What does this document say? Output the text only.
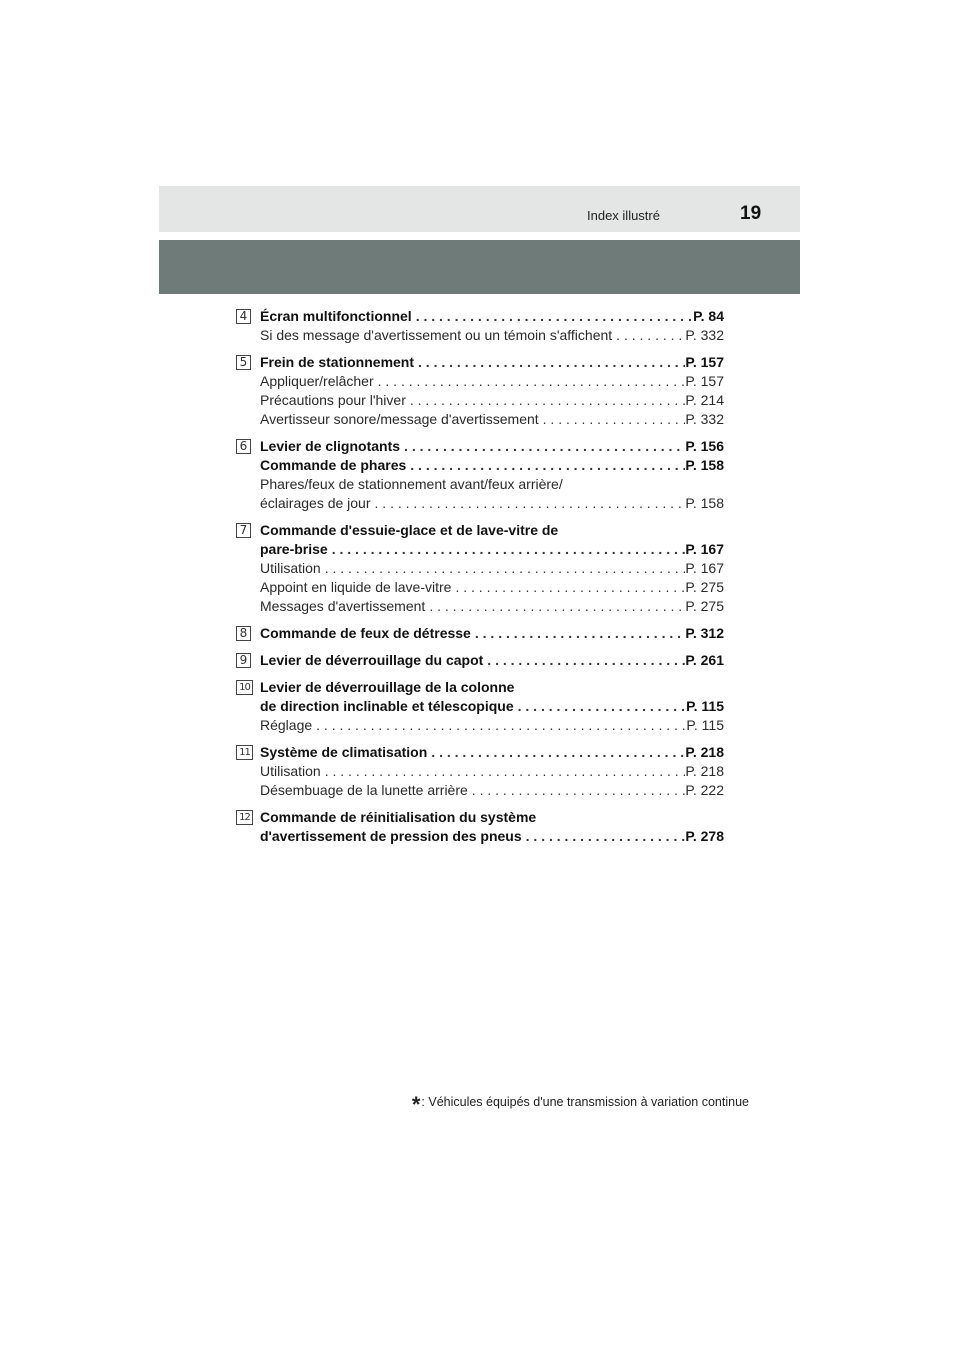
Index illustré	19
4 Écran multifonctionnel . . .	P. 84
Si des message d'avertissement ou un témoin s'affichent . . .	P. 332
5 Frein de stationnement . . .	P. 157
Appliquer/relâcher . . .	P. 157
Précautions pour l'hiver . . .	P. 214
Avertisseur sonore/message d'avertissement . . .	P. 332
6 Levier de clignotants . . .	P. 156
Commande de phares . . .	P. 158
Phares/feux de stationnement avant/feux arrière/
éclairages de jour . . .	P. 158
7 Commande d'essuie-glace et de lave-vitre de
pare-brise . . .	P. 167
Utilisation . . .	P. 167
Appoint en liquide de lave-vitre . . .	P. 275
Messages d'avertissement . . .	P. 275
8 Commande de feux de détresse . . .	P. 312
9 Levier de déverrouillage du capot . . .	P. 261
10 Levier de déverrouillage de la colonne
de direction inclinable et télescopique . . .	P. 115
Réglage . . .	P. 115
11 Système de climatisation . . .	P. 218
Utilisation . . .	P. 218
Désembuage de la lunette arrière . . .	P. 222
12 Commande de réinitialisation du système
d'avertissement de pression des pneus . . .	P. 278
*: Véhicules équipés d'une transmission à variation continue
